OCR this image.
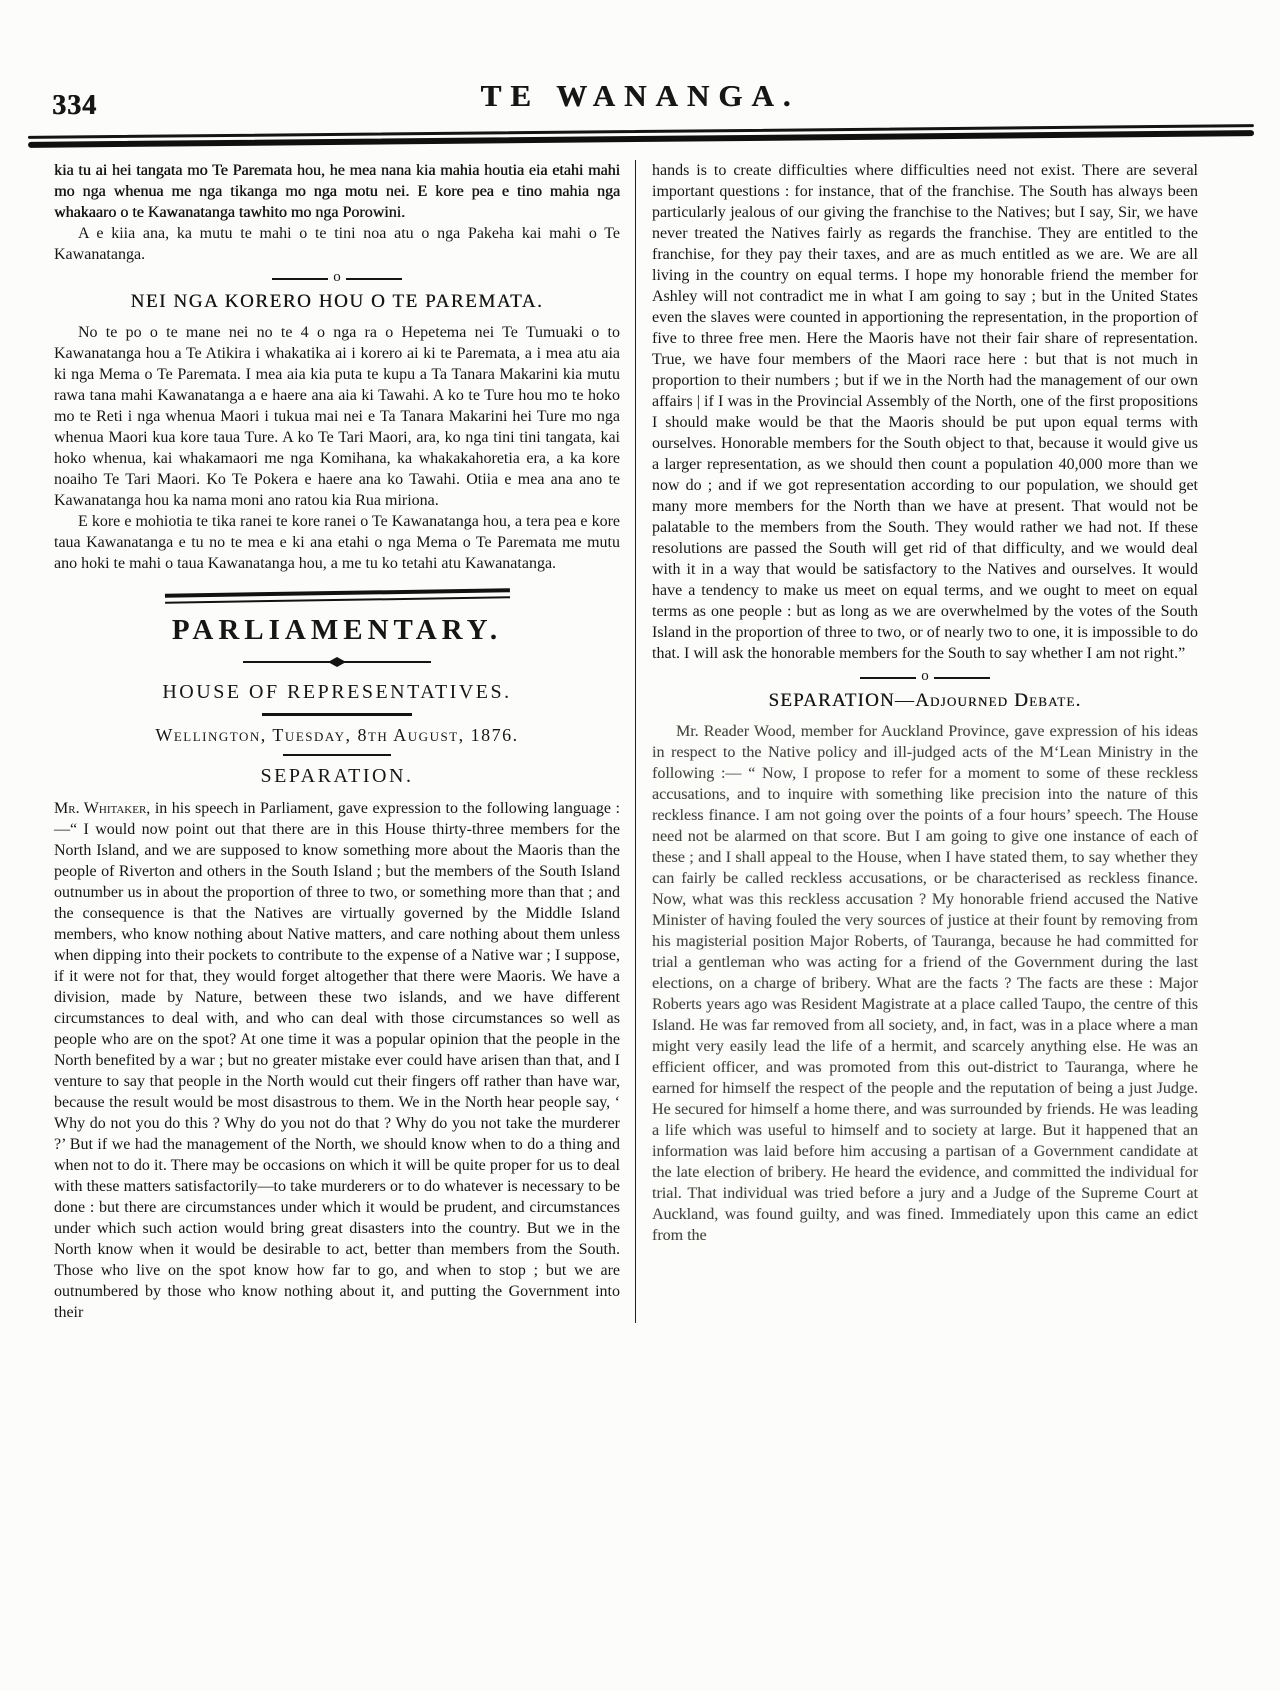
334	TE WANANGA.

kia tu ai hei tangata mo Te Paremata hou, he mea nana kia mahia houtia eia etahi mahi mo nga whenua me nga tikanga mo nga motu nei. E kore pea e tino mahia nga whakaaro o te Kawanatanga tawhito mo nga Porowini.

A e kiia ana, ka mutu te mahi o te tini noa atu o nga Pakeha kai mahi o Te Kawanatanga.

o
NEI NGA KORERO HOU O TE PAREMATA.

No te po o te mane nei no te 4 o nga ra o Hepetema nei Te Tumuaki o to Kawanatanga hou a Te Atikira i whakatika ai i korero ai ki te Paremata, a i mea atu aia ki nga Mema o Te Paremata. I mea aia kia puta te kupu a Ta Tanara Makarini kia mutu rawa tana mahi Kawanatanga a e haere ana aia ki Tawahi. A ko te Ture hou mo te hoko mo te Reti i nga whenua Maori i tukua mai nei e Ta Tanara Makarini hei Ture mo nga whenua Maori kua kore taua Ture. A ko Te Tari Maori, ara, ko nga tini tini tangata, kai hoko whenua, kai whakamaori me nga Komihana, ka whakakahoretia era, a ka kore noaiho Te Tari Maori. Ko Te Pokera e haere ana ko Tawahi. Otiia e mea ana ano te Kawanatanga hou ka nama moni ano ratou kia Rua miriona.

E kore e mohiotia te tika ranei te kore ranei o Te Kawanatanga hou, a tera pea e kore taua Kawanatanga e tu no te mea e ki ana etahi o nga Mema o Te Paremata me mutu ano hoki te mahi o taua Kawanatanga hou, a me tu ko tetahi atu Kawanatanga.

PARLIAMENTARY.
HOUSE OF REPRESENTATIVES.
Wellington, Tuesday, 8th August, 1876.
SEPARATION.

Mr. Whitaker, in his speech in Parliament, gave expression to the following language :—“ I would now point out that there are in this House thirty-three members for the North Island, and we are supposed to know something more about the Maoris than the people of Riverton and others in the South Island ; but the members of the South Island outnumber us in about the proportion of three to two, or something more than that ; and the consequence is that the Natives are virtually governed by the Middle Island members, who know nothing about Native matters, and care nothing about them unless when dipping into their pockets to contribute to the expense of a Native war ; I suppose, if it were not for that, they would forget altogether that there were Maoris. We have a division, made by Nature, between these two islands, and we have different circumstances to deal with, and who can deal with those circumstances so well as people who are on the spot? At one time it was a popular opinion that the people in the North benefited by a war ; but no greater mistake ever could have arisen than that, and I venture to say that people in the North would cut their fingers off rather than have war, because the result would be most disastrous to them. We in the North hear people say, ‘ Why do not you do this ? Why do you not do that ? Why do you not take the murderer ?’ But if we had the management of the North, we should know when to do a thing and when not to do it. There may be occasions on which it will be quite proper for us to deal with these matters satisfactorily—to take murderers or to do whatever is necessary to be done : but there are circumstances under which it would be prudent, and circumstances under which such action would bring great disasters into the country. But we in the North know when it would be desirable to act, better than members from the South. Those who live on the spot know how far to go, and when to stop ; but we are outnumbered by those who know nothing about it, and putting the Government into their

hands is to create difficulties where difficulties need not exist. There are several important questions : for instance, that of the franchise. The South has always been particularly jealous of our giving the franchise to the Natives; but I say, Sir, we have never treated the Natives fairly as regards the franchise. They are entitled to the franchise, for they pay their taxes, and are as much entitled as we are. We are all living in the country on equal terms. I hope my honorable friend the member for Ashley will not contradict me in what I am going to say ; but in the United States even the slaves were counted in apportioning the representation, in the proportion of five to three free men. Here the Maoris have not their fair share of representation. True, we have four members of the Maori race here : but that is not much in proportion to their numbers ; but if we in the North had the management of our own affairs | if I was in the Provincial Assembly of the North, one of the first propositions I should make would be that the Maoris should be put upon equal terms with ourselves. Honorable members for the South object to that, because it would give us a larger representation, as we should then count a population 40,000 more than we now do ; and if we got representation according to our population, we should get many more members for the North than we have at present. That would not be palatable to the members from the South. They would rather we had not. If these resolutions are passed the South will get rid of that difficulty, and we would deal with it in a way that would be satisfactory to the Natives and ourselves. It would have a tendency to make us meet on equal terms, and we ought to meet on equal terms as one people : but as long as we are overwhelmed by the votes of the South Island in the proportion of three to two, or of nearly two to one, it is impossible to do that. I will ask the honorable members for the South to say whether I am not right.”

o
SEPARATION—Adjourned Debate.

Mr. Reader Wood, member for Auckland Province, gave expression of his ideas in respect to the Native policy and ill-judged acts of the M‘Lean Ministry in the following :— “ Now, I propose to refer for a moment to some of these reckless accusations, and to inquire with something like precision into the nature of this reckless finance. I am not going over the points of a four hours’ speech. The House need not be alarmed on that score. But I am going to give one instance of each of these ; and I shall appeal to the House, when I have stated them, to say whether they can fairly be called reckless accusations, or be characterised as reckless finance. Now, what was this reckless accusation ? My honorable friend accused the Native Minister of having fouled the very sources of justice at their fount by removing from his magisterial position Major Roberts, of Tauranga, because he had committed for trial a gentleman who was acting for a friend of the Government during the last elections, on a charge of bribery. What are the facts ? The facts are these : Major Roberts years ago was Resident Magistrate at a place called Taupo, the centre of this Island. He was far removed from all society, and, in fact, was in a place where a man might very easily lead the life of a hermit, and scarcely anything else. He was an efficient officer, and was promoted from this out-district to Tauranga, where he earned for himself the respect of the people and the reputation of being a just Judge. He secured for himself a home there, and was surrounded by friends. He was leading a life which was useful to himself and to society at large. But it happened that an information was laid before him accusing a partisan of a Government candidate at the late election of bribery. He heard the evidence, and committed the individual for trial. That individual was tried before a jury and a Judge of the Supreme Court at Auckland, was found guilty, and was fined. Immediately upon this came an edict from the
